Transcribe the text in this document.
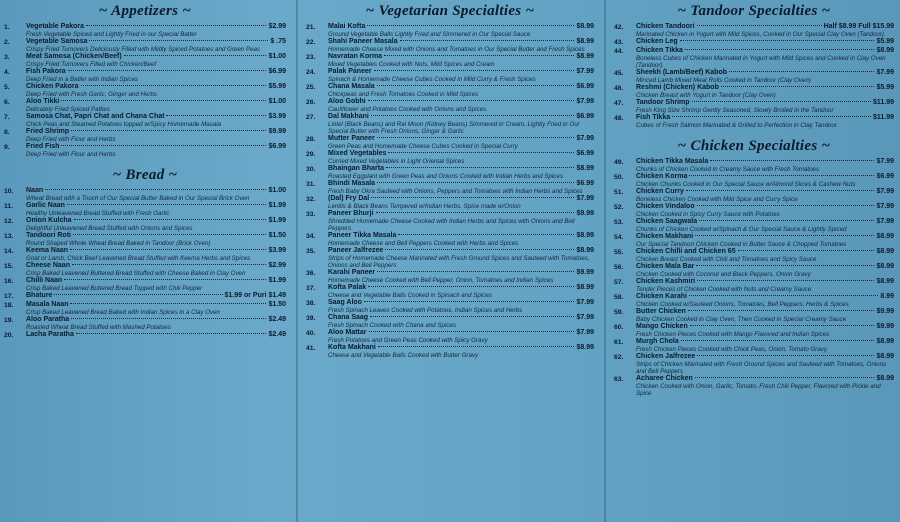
~ Appetizers ~
1.	Vegetable Pakora	$2.99
Fresh Vegetable Spiced and Lightly Fried in our Special Batter
2.	Vegetable Samosa	$ .75
Crispy Fried Turnovers Deliciously Filled with Mildly Spiced Potatoes and Green Peas
3.	Meat Samosa (Chicken/Beef)	$1.00
Crispy Fried Turnovers Filled with Chicken/Beef
4.	Fish Pakora	$6.99
Deep Fried in a Batter with Indian Spices
5.	Chicken Pakora	$5.99
Deep Fried with Fresh Garlic, Ginger and Herbs
6.	Aloo Tikki	$1.00
Delicately Fried Spiced Patties
7.	Samosa Chat, Papri Chat and Chana Chat	$3.99
Chick Peas and Steamed Potatoes topped w/Spicy Homemade Masala
8.	Fried Shrimp	$9.99
Deep Fried with Flour and Herbs
9.	Fried Fish	$6.99
Deep Fried with Flour and Herbs
~ Bread ~
10.	Naan	$1.00
Wheat Bread with a Touch of Our Special Butter Baked in Our Special Brick Oven
11.	Garlic Naan	$1.99
Healthy Unleavened Bread Stuffed with Fresh Garlic
12.	Onion Kulcha	$1.99
Delightful Unleavened Bread Stuffed with Onions and Spices
13.	Tandoori Roti	$1.50
Round Shaped Whole Wheat Bread Baked in Tandoor (Brick Oven)
14.	Keema Naan	$3.99
Goat or Lamb, Chick Beef Leavened Bread Stuffed with Keema Herbs and Spices
15.	Cheese Naan	$2.99
Crisp Baked Leavened Buttered Bread Stuffed with Cheese Baked in Clay Oven
16.	Chilli Naan	$1.99
Crisp Baked Leavened Buttered Bread Topped with Chili Pepper
17.	Bhature	$1.99 or Puri $1.49
18.	Masala Naan	$1.50
Crisp Baked Leavened Bread Baked with Indian Spices in a Clay Oven
19.	Aloo Paratha	$2.49
Roasted Wheat Bread Stuffed with Mashed Potatoes
20.	Lacha Paratha	$2.49
~ Vegetarian Specialties ~
21.	Malai Kofta	$8.99
Ground Vegetable Balls Lightly Fried and Simmered in Our Special Sauce
22.	Shahi Paneer Masala	$8.99
Homemade Cheese Mixed with Onions and Tomatoes in Our Special Butter and Fresh Spices
23.	Navratan Korma	$8.99
Mixed Vegetables Cooked with Nuts, Mild Spices and Cream
24.	Palak Paneer	$7.99
Spinach & Homemade Cheese Cubes Cooked in Mild Curry & Fresh Spices
25.	Chana Masala	$6.99
Chickpeas and Fresh Tomatoes Cooked in Mild Spices
26.	Aloo Gobhi	$7.99
Cauliflower and Potatoes Cooked with Onions and Spices
27.	Dal Makhani	$6.99
Lintel (Black Beans) and Rai Moon (Kidney Beans) Simmered in Cream, Lightly Fried in Our Special Butter with Fresh Onions, Ginger & Garlic
28.	Mutter Paneer	$7.99
Green Peas and Homemade Cheese Cubes Cooked in Special Curry
29.	Mixed Vegetables	$6.99
Curried Mixed Vegetables in Light Oriental Spices
30.	Bhaingan Bharta	$8.99
Roasted Eggplant with Green Peas and Onions Cooked with Indian Herbs and Spices
31.	Bhindi Masala	$6.99
Fresh Baby Okra Sauteed with Onions, Peppers and Tomatoes with Indian Herbs and Spices
32.	(Dal) Fry Dal	$7.99
Lentils & Black Beans Tempered w/Indian Herbs. Spice made w/Onion
33.	Paneer Bhurji	$9.99
Shredded Homemade Cheese Cooked with Indian Herbs and Spices with Onions and Bell Peppers
34.	Paneer Tikka Masala	$8.99
Homemade Cheese and Bell Peppers Cooked with Herbs and Spices
35.	Paneer Jalfrezee	$8.99
Strips of Homemade Cheese Marinated with Fresh Ground Spices and Sauteed with Tomatoes, Onions and Bell Peppers
36.	Karahi Paneer	$9.99
Homemade Cheese Cooked with Bell Pepper, Onion, Tomatoes and Indian Spices
37.	Kofta Palak	$8.99
Cheese and Vegetable Balls Cooked in Spinach and Spices
38.	Saag Aloo	$7.99
Fresh Spinach Leaves Cooked with Potatoes, Indian Spices and Herbs
39.	Chana Saag	$7.99
Fresh Spinach Cooked with Chana and Spices
40.	Aloo Mattar	$7.99
Fresh Potatoes and Green Peas Cooked with Spicy Gravy
41.	Kofta Makhani	$8.99
Cheese and Vegetable Balls Cooked with Butter Gravy
~ Tandoor Specialties ~
42.	Chicken Tandoori	Half $8.99 Full $15.99
Marinated Chicken in Yogurt with Mild Spices, Cooked in Our Special Clay Oven (Tandoor)
43.	Chicken Leg	$5.99
44.	Chicken Tikka	$8.99
Boneless Cubes of Chicken Marinated in Yogurt with Mild Spices and Cooked in Clay Oven (Tandoor)
45.	Sheekh (Lamb/Beef) Kabob	$7.99
Minced Lamb Mixed Meat Rolls Cooked in Tandoor (Clay Oven)
46.	Reshmi (Chicken) Kabob	$5.99
Chicken Breast with Yogurt in Tandoor (Clay Oven)
47.	Tandoor Shrimp	$11.99
Fresh King Size Shrimp Gently Seasoned, Slowly Broiled in the Tandoor
48.	Fish Tikka	$11.99
Cubes of Fresh Salmon Marinated & Grilled to Perfection in Clay Tandoor
~ Chicken Specialties ~
49.	Chicken Tikka Masala	$7.99
Chunks of Chicken Cooked in Creamy Sauce with Fresh Tomatoes
50.	Chicken Korma	$6.99
Chicken Chunks Cooked in Our Special Sauce w/Almond Slices & Cashew Nuts
51.	Chicken Curry	$7.99
Boneless Chicken Cooked with Mild Spice and Curry Spice
52.	Chicken Vindaloo	$7.99
Chicken Cooked in Spicy Curry Sauce with Potatoes
53.	Chicken Saagwala	$7.99
Chunks of Chicken Cooked w/Spinach & Our Special Sauce & Lightly Spiced
54.	Chicken Makhani	$8.99
Our Special Tandoori Chicken Cooked in Butter Sauce & Chopped Tomatoes
55.	Chicken Chilli and Chicken 65	$8.99
Chicken Breast Cooked with Chili and Tomatoes and Spicy Sauce
56.	Chicken Mala Bar	$8.99
Chicken Cooked with Coconut and Black Peppers, Onion Gravy
57.	Chicken Kashmiri	$8.99
Tender Pieces of Chicken Cooked with Nuts and Creamy Sauce
58.	Chicken Karahi	8.99
Chicken Cooked w/Sauteed Onions, Tomatoes, Bell Peppers, Herbs & Spices
59.	Butter Chicken	$9.99
Baby Chicken Cooked in Clay Oven, Then Cooked in Special Creamy Sauce
60.	Mango Chicken	$9.99
Fresh Chicken Pieces Cooked with Mango Flavored and Indian Spices
61.	Murgh Chola	$8.99
Fresh Chicken Pieces Cooked with Chick Peas, Onion, Tomato Gravy
62.	Chicken Jalfrezee	$8.99
Strips of Chicken Marinated with Fresh Ground Spices and Sauteed with Tomatoes, Onions and Bell Peppers
63.	Acharee Chicken	$8.99
Chicken Cooked with Onion, Garlic, Tomato, Fresh Chili Pepper, Flavored with Pickle and Spice
